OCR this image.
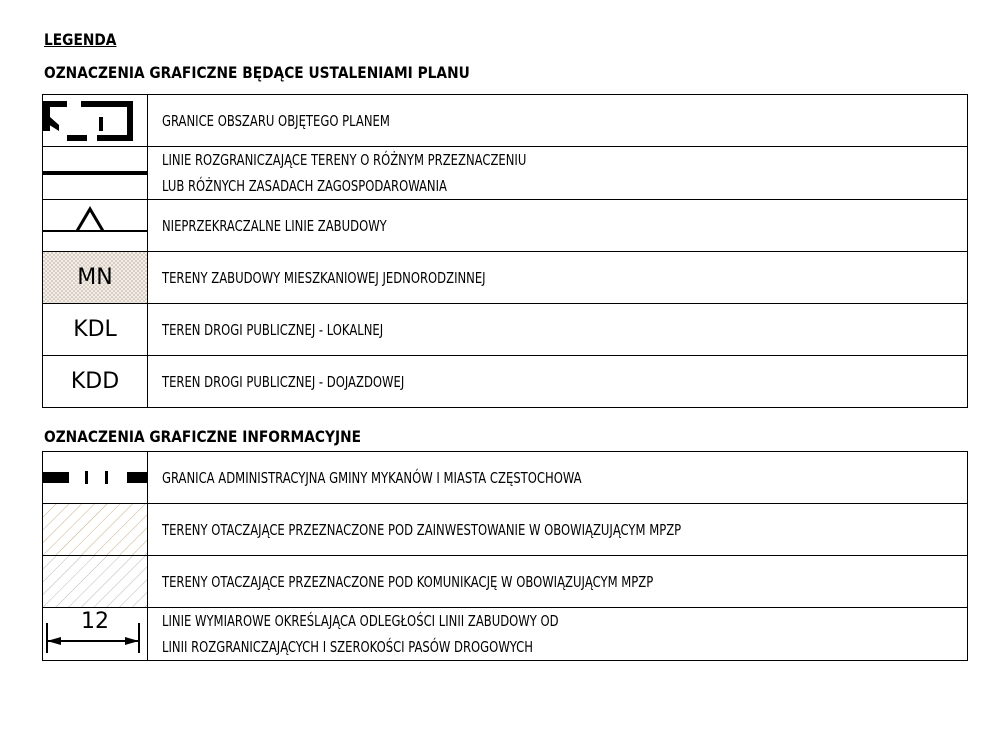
LEGENDA
OZNACZENIA GRAFICZNE BĘDĄCE USTALENIAMI PLANU

GRANICE OBSZARU OBJĘTEGO PLANEM

LINIE ROZGRANICZAJĄCE TERENY O RÓŻNYM PRZEZNACZENIU
LUB RÓŻNYCH ZASADACH ZAGOSPODAROWANIA

NIEPRZEKRACZALNE LINIE ZABUDOWY

MN	TERENY ZABUDOWY MIESZKANIOWEJ JEDNORODZINNEJ

KDL	TEREN DROGI PUBLICZNEJ - LOKALNEJ

KDD	TEREN DROGI PUBLICZNEJ - DOJAZDOWEJ
OZNACZENIA GRAFICZNE INFORMACYJNE

GRANICA ADMINISTRACYJNA GMINY MYKANÓW I MIASTA CZĘSTOCHOWA

TERENY OTACZAJĄCE PRZEZNACZONE POD ZAINWESTOWANIE W OBOWIĄZUJĄCYM MPZP

TERENY OTACZAJĄCE PRZEZNACZONE POD KOMUNIKACJĘ W OBOWIĄZUJĄCYM MPZP

12	LINIE WYMIAROWE OKREŚLAJĄCA ODLEGŁOŚCI LINII ZABUDOWY OD
LINII ROZGRANICZAJĄCYCH I SZEROKOŚCI PASÓW DROGOWYCH
